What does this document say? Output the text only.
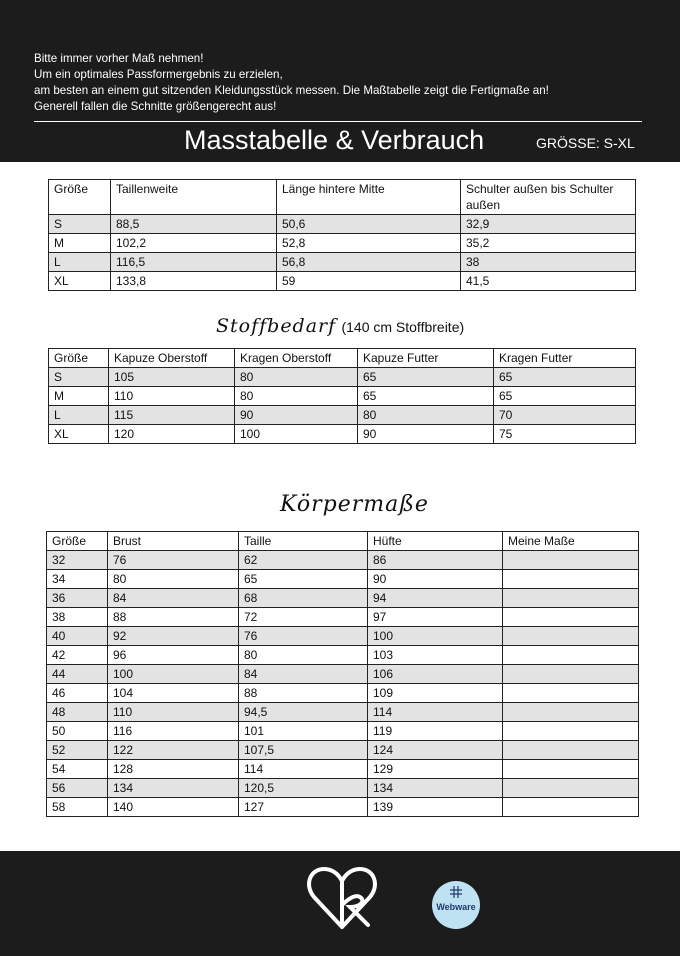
Bitte immer vorher Maß nehmen!
Um ein optimales Passformergebnis zu erzielen,
am besten an einem gut sitzenden Kleidungsstück messen. Die Maßtabelle zeigt die Fertigmaße an!
Generell fallen die Schnitte größengerecht aus!
Masstabelle & Verbrauch	GRÖSSE: S-XL
Größe	Taillenweite	Länge hintere Mitte	Schulter außen bis Schulter außen
S	88,5	50,6	32,9
M	102,2	52,8	35,2
L	116,5	56,8	38
XL	133,8	59	41,5
Stoffbedarf (140 cm Stoffbreite)
Größe	Kapuze Oberstoff	Kragen Oberstoff	Kapuze Futter	Kragen Futter
S	105	80	65	65
M	110	80	65	65
L	115	90	80	70
XL	120	100	90	75
Körpermaße
Größe	Brust	Taille	Hüfte	Meine Maße
32	76	62	86	
34	80	65	90	
36	84	68	94	
38	88	72	97	
40	92	76	100	
42	96	80	103	
44	100	84	106	
46	104	88	109	
48	110	94,5	114	
50	116	101	119	
52	122	107,5	124	
54	128	114	129	
56	134	120,5	134	
58	140	127	139	
Webware
